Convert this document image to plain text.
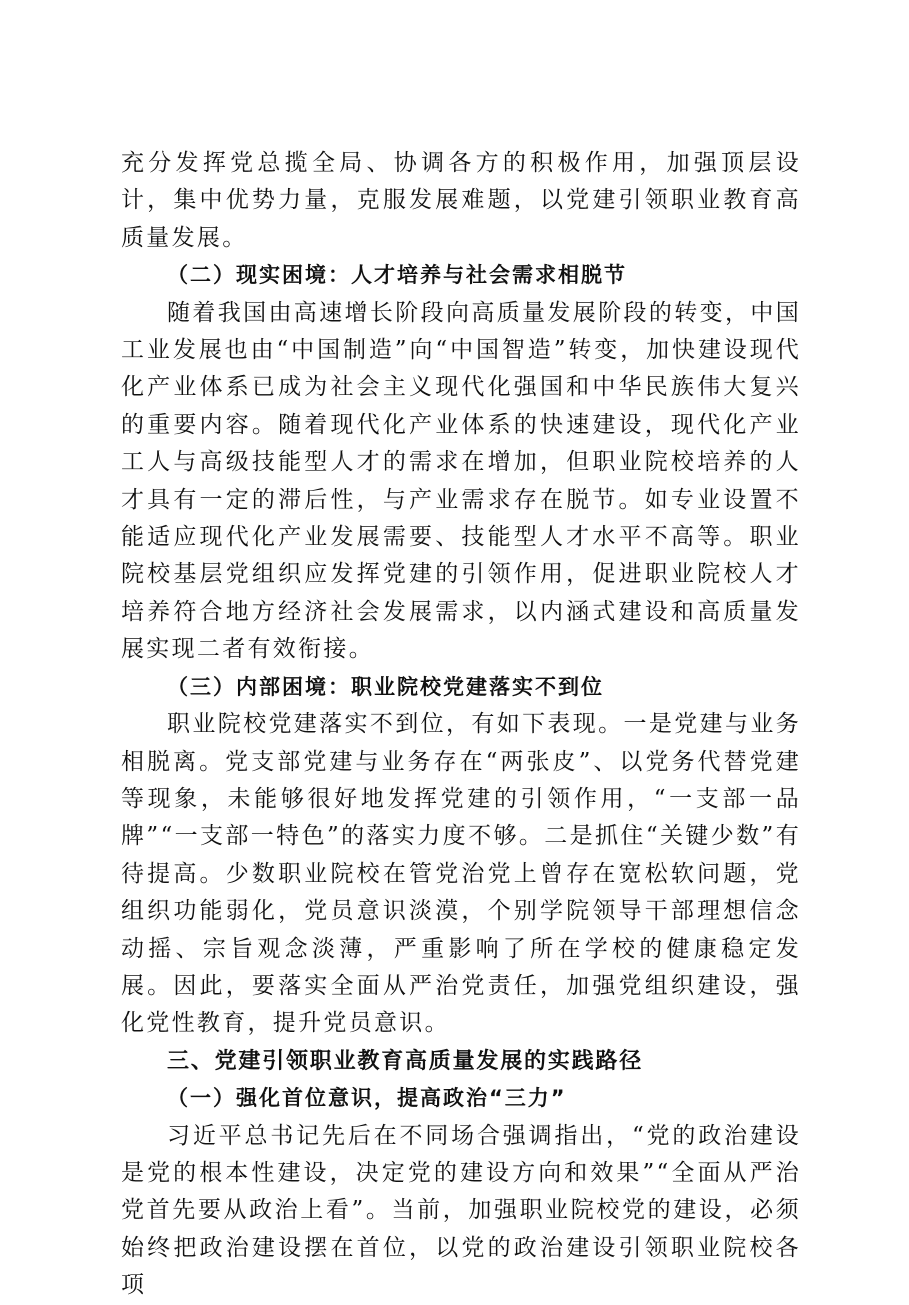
充分发挥党总揽全局、协调各方的积极作用，加强顶层设计，集中优势力量，克服发展难题，以党建引领职业教育高质量发展。

（二）现实困境：人才培养与社会需求相脱节

随着我国由高速增长阶段向高质量发展阶段的转变，中国工业发展也由“中国制造”向“中国智造”转变，加快建设现代化产业体系已成为社会主义现代化强国和中华民族伟大复兴的重要内容。随着现代化产业体系的快速建设，现代化产业工人与高级技能型人才的需求在增加，但职业院校培养的人才具有一定的滞后性，与产业需求存在脱节。如专业设置不能适应现代化产业发展需要、技能型人才水平不高等。职业院校基层党组织应发挥党建的引领作用，促进职业院校人才培养符合地方经济社会发展需求，以内涵式建设和高质量发展实现二者有效衔接。

（三）内部困境：职业院校党建落实不到位

职业院校党建落实不到位，有如下表现。一是党建与业务相脱离。党支部党建与业务存在“两张皮”、以党务代替党建等现象，未能够很好地发挥党建的引领作用，“一支部一品牌”“一支部一特色”的落实力度不够。二是抓住“关键少数”有待提高。少数职业院校在管党治党上曾存在宽松软问题，党组织功能弱化，党员意识淡漠，个别学院领导干部理想信念动摇、宗旨观念淡薄，严重影响了所在学校的健康稳定发展。因此，要落实全面从严治党责任，加强党组织建设，强化党性教育，提升党员意识。

三、党建引领职业教育高质量发展的实践路径

（一）强化首位意识，提高政治“三力”

习近平总书记先后在不同场合强调指出，“党的政治建设是党的根本性建设，决定党的建设方向和效果”“全面从严治党首先要从政治上看”。当前，加强职业院校党的建设，必须始终把政治建设摆在首位，以党的政治建设引领职业院校各项
